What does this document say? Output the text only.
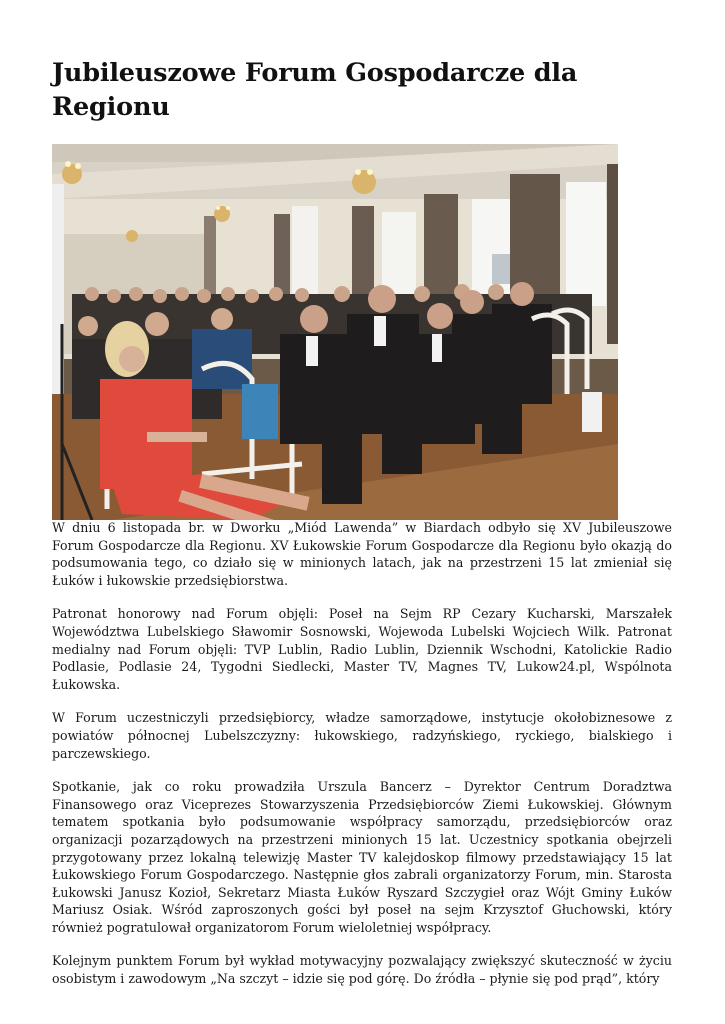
Jubileuszowe Forum Gospodarcze dla Regionu

W dniu 6 listopada br. w Dworku „Miód Lawenda” w Biardach odbyło się XV Jubileuszowe Forum Gospodarcze dla Regionu. XV Łukowskie Forum Gospodarcze dla Regionu było okazją do podsumowania tego, co działo się w minionych latach, jak na przestrzeni 15 lat zmieniał się Łuków i łukowskie przedsiębiorstwa.

Patronat honorowy nad Forum objęli: Poseł na Sejm RP Cezary Kucharski, Marszałek Województwa Lubelskiego Sławomir Sosnowski, Wojewoda Lubelski Wojciech Wilk. Patronat medialny nad Forum objęli: TVP Lublin, Radio Lublin, Dziennik Wschodni, Katolickie Radio Podlasie, Podlasie 24, Tygodni Siedlecki, Master TV, Magnes TV, Lukow24.pl, Wspólnota Łukowska.

W Forum uczestniczyli przedsiębiorcy, władze samorządowe, instytucje okołobiznesowe z powiatów północnej Lubelszczyzny: łukowskiego, radzyńskiego, ryckiego, bialskiego i parczewskiego.

Spotkanie, jak co roku prowadziła Urszula Bancerz – Dyrektor Centrum Doradztwa Finansowego oraz Viceprezes Stowarzyszenia Przedsiębiorców Ziemi Łukowskiej. Głównym tematem spotkania było podsumowanie współpracy samorządu, przedsiębiorców oraz organizacji pozarządowych na przestrzeni minionych 15 lat. Uczestnicy spotkania obejrzeli przygotowany przez lokalną telewizję Master TV kalejdoskop filmowy przedstawiający 15 lat Łukowskiego Forum Gospodarczego. Następnie głos zabrali organizatorzy Forum, min. Starosta Łukowski Janusz Kozioł, Sekretarz Miasta Łuków Ryszard Szczygieł oraz Wójt Gminy Łuków Mariusz Osiak. Wśród zaproszonych gości był poseł na sejm Krzysztof Głuchowski, który również pogratulował organizatorom Forum wieloletniej współpracy.

Kolejnym punktem Forum był wykład motywacyjny pozwalający zwiększyć skuteczność w życiu osobistym i zawodowym „Na szczyt – idzie się pod górę. Do źródła – płynie się pod prąd”, który
